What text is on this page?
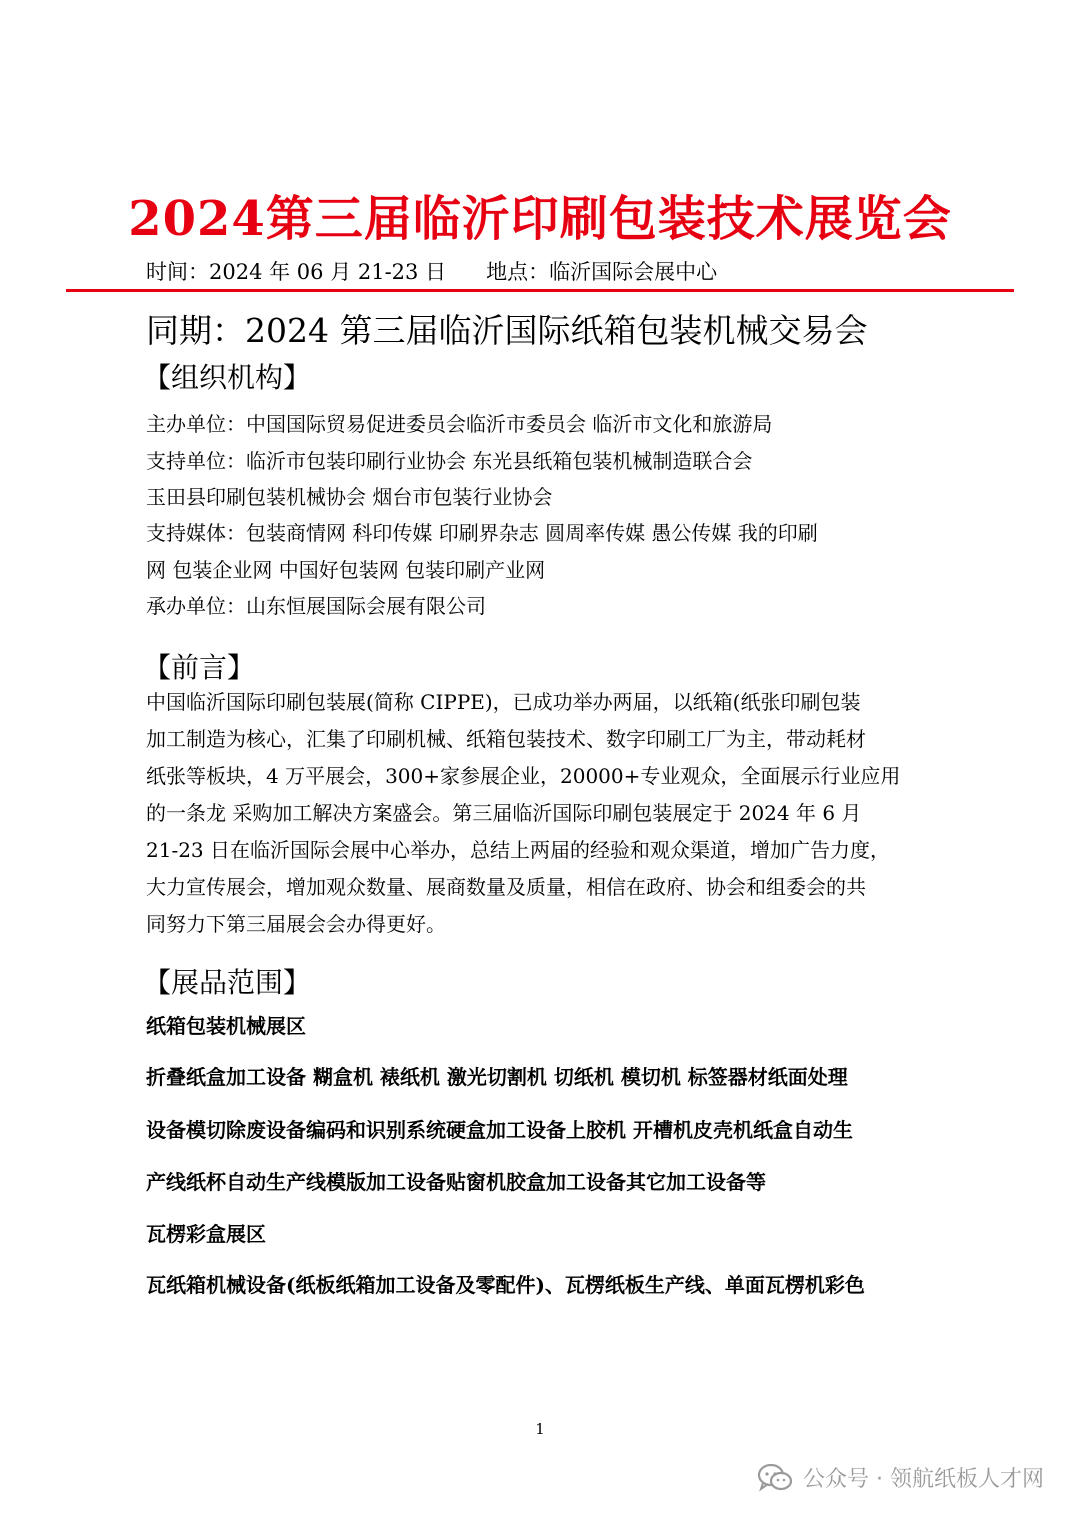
2024第三届临沂印刷包装技术展览会
时间：2024 年 06 月 21-23 日 地点：临沂国际会展中心
同期：2024 第三届临沂国际纸箱包装机械交易会
【组织机构】
主办单位：中国国际贸易促进委员会临沂市委员会 临沂市文化和旅游局
支持单位：临沂市包装印刷行业协会 东光县纸箱包装机械制造联合会
玉田县印刷包装机械协会 烟台市包装行业协会
支持媒体：包装商情网 科印传媒 印刷界杂志 圆周率传媒 愚公传媒 我的印刷
网 包装企业网 中国好包装网 包装印刷产业网
承办单位：山东恒展国际会展有限公司
【前言】
中国临沂国际印刷包装展(简称 CIPPE)，已成功举办两届，以纸箱(纸张印刷包装
加工制造为核心，汇集了印刷机械、纸箱包装技术、数字印刷工厂为主，带动耗材
纸张等板块，4 万平展会，300+家参展企业，20000+专业观众，全面展示行业应用
的一条龙 采购加工解决方案盛会。第三届临沂国际印刷包装展定于 2024 年 6 月
21-23 日在临沂国际会展中心举办，总结上两届的经验和观众渠道，增加广告力度，
大力宣传展会，增加观众数量、展商数量及质量，相信在政府、协会和组委会的共
同努力下第三届展会会办得更好。
【展品范围】
纸箱包装机械展区
折叠纸盒加工设备 糊盒机 裱纸机 激光切割机 切纸机 模切机 标签器材纸面处理
设备模切除废设备编码和识别系统硬盒加工设备上胶机 开槽机皮壳机纸盒自动生
产线纸杯自动生产线模版加工设备贴窗机胶盒加工设备其它加工设备等
瓦楞彩盒展区
瓦纸箱机械设备(纸板纸箱加工设备及零配件)、瓦楞纸板生产线、单面瓦楞机彩色
1
公众号 · 领航纸板人才网
